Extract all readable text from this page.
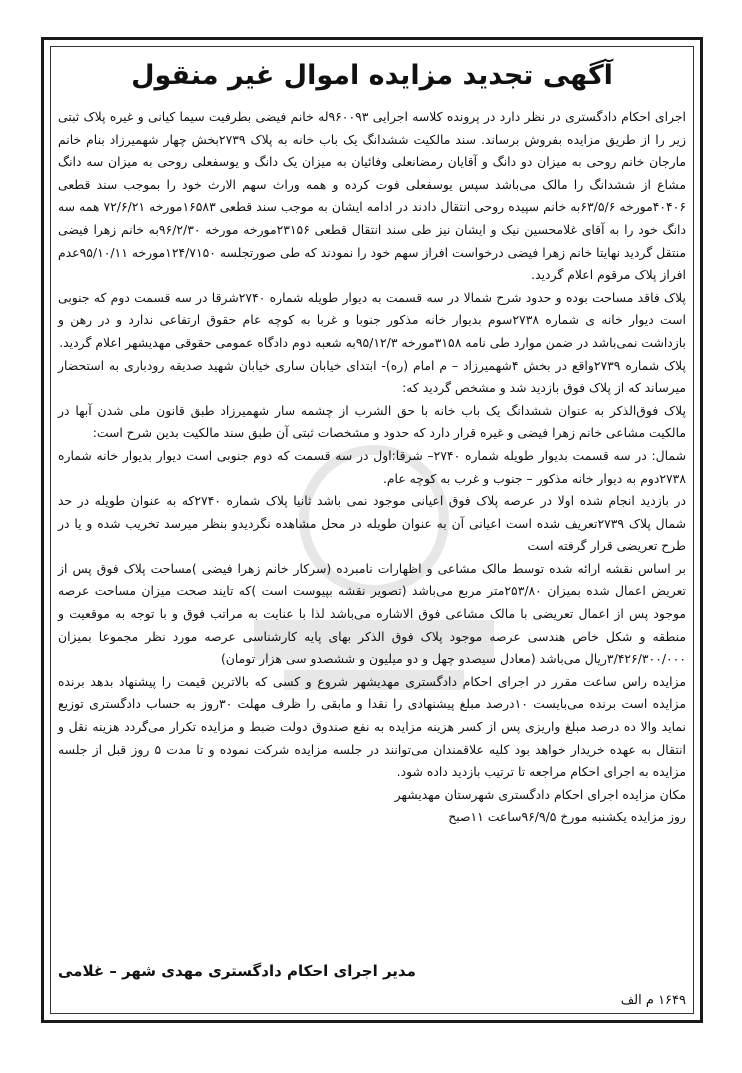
آگهی تجدید مزایده اموال غیر منقول

اجرای احکام دادگستری در نظر دارد در پرونده کلاسه اجرایی ۹۶۰۰۹۳له خانم فیضی بطرفیت سیما کیانی و غیره پلاک ثبتی زیر را از طریق مزایده بفروش برساند. سند مالکیت ششدانگ یک باب خانه به پلاک ۲۷۳۹بخش چهار شهمیرزاد بنام خانم مارجان خانم روحی به میزان دو دانگ و آقایان رمضانعلی وفائیان به میزان یک دانگ و یوسفعلی روحی به میزان سه دانگ مشاع از ششدانگ را مالک می‌باشد سپس یوسفعلی فوت کرده و همه وراث سهم الارث خود را بموجب سند قطعی ۴۰۴۰۶مورخه ۶۳/۵/۶به خانم سپیده روحی انتقال دادند در ادامه ایشان به موجب سند قطعی ۱۶۵۸۳مورخه ۷۲/۶/۲۱ همه سه دانگ خود را به آقای غلامحسین نیک و ایشان نیز طی سند انتقال قطعی ۲۳۱۵۶مورخه مورخه ۹۶/۲/۳۰به خانم زهرا فیضی منتقل گردید نهایتا خانم زهرا فیضی درخواست افراز سهم خود را نمودند که طی صورتجلسه ۱۲۴/۷۱۵۰مورخه ۹۵/۱۰/۱۱عدم افراز پلاک مرقوم اعلام گردید.

پلاک فاقد مساحت بوده و حدود شرح شمالا در سه قسمت به دیوار طویله شماره ۲۷۴۰شرقا در سه قسمت دوم که جنوبی است دیوار خانه ی شماره ۲۷۳۸سوم بدیوار خانه مذکور جنوبا و غربا به کوچه عام حقوق ارتفاعی ندارد و در رهن و بازداشت نمی‌باشد در ضمن موارد طی نامه ۳۱۵۸مورخه ۹۵/۱۲/۳به شعبه دوم دادگاه عمومی حقوقی مهدیشهر اعلام گردید.

پلاک شماره ۲۷۳۹واقع در بخش ۴شهمیرزاد – م امام (ره)- ابتدای خیابان ساری خیابان شهید صدیقه رودباری به استحضار میرساند که از پلاک فوق بازدید شد و مشخص گردید که:

پلاک فوق‌الذکر به عنوان ششدانگ یک باب خانه با حق الشرب از چشمه سار شهمیرزاد طبق قانون ملی شدن آبها در مالکیت مشاعی خانم زهرا فیضی و غیره قرار دارد که حدود و مشخصات ثبتی آن طبق سند مالکیت بدین شرح است:

شمال: در سه قسمت بدیوار طویله شماره ۲۷۴۰– شرقا:اول در سه قسمت که دوم جنوبی است دیوار بدیوار خانه شماره ۲۷۳۸دوم به دیوار خانه مذکور – جنوب و غرب به کوچه عام.

در بازدید انجام شده اولا در عرصه پلاک فوق اعیانی موجود نمی باشد ثانیا پلاک شماره ۲۷۴۰که به عنوان طویله در حد شمال پلاک ۲۷۳۹تعریف شده است اعیانی آن به عنوان طویله در محل مشاهده نگردیدو بنظر میرسد تخریب شده و یا در طرح تعریضی قرار گرفته است

بر اساس نقشه ارائه شده توسط مالک مشاعی و اظهارات نامبرده (سرکار خانم زهرا فیضی )مساحت پلاک فوق پس از تعریض اعمال شده بمیزان ۲۵۳/۸۰متر مربع می‌باشد (تصویر نقشه بپیوست است )که تایند صحت میزان مساحت عرصه موجود پس از اعمال تعریضی با مالک مشاعی فوق الاشاره می‌باشد لذا با عنایت به مراتب فوق و با توجه به موقعیت و منطقه و شکل خاص هندسی عرصه موجود پلاک فوق الذکر بهای پایه کارشناسی عرصه مورد نظر مجموعا بمیزان ۳/۴۲۶/۳۰۰/۰۰۰ریال می‌باشد (معادل سیصدو چهل و دو میلیون و ششصدو سی هزار تومان)

مزایده راس ساعت مقرر در اجرای احکام دادگستری مهدیشهر شروع و کسی که بالاترین قیمت را پیشنهاد بدهد برنده مزایده است برنده می‌بایست ۱۰درصد مبلغ پیشنهادی را نقدا و مابقی را ظرف مهلت ۳۰روز به حساب دادگستری توزیع نماید والا ده درصد مبلغ واریزی پس از کسر هزینه مزایده به نفع صندوق دولت ضبط و مزایده تکرار می‌گردد هزینه نقل و انتقال به عهده خریدار خواهد بود کلیه علاقمندان می‌توانند در جلسه مزایده شرکت نموده و تا مدت ۵ روز قبل از جلسه مزایده به اجرای احکام مراجعه تا ترتیب بازدید داده شود.

مکان مزایده اجرای احکام دادگستری شهرستان مهدیشهر

روز مزایده یکشنبه مورخ ۹۶/۹/۵ساعت ۱۱صبح

مدیر اجرای احکام دادگستری مهدی شهر – غلامی
۱۶۴۹ م الف
